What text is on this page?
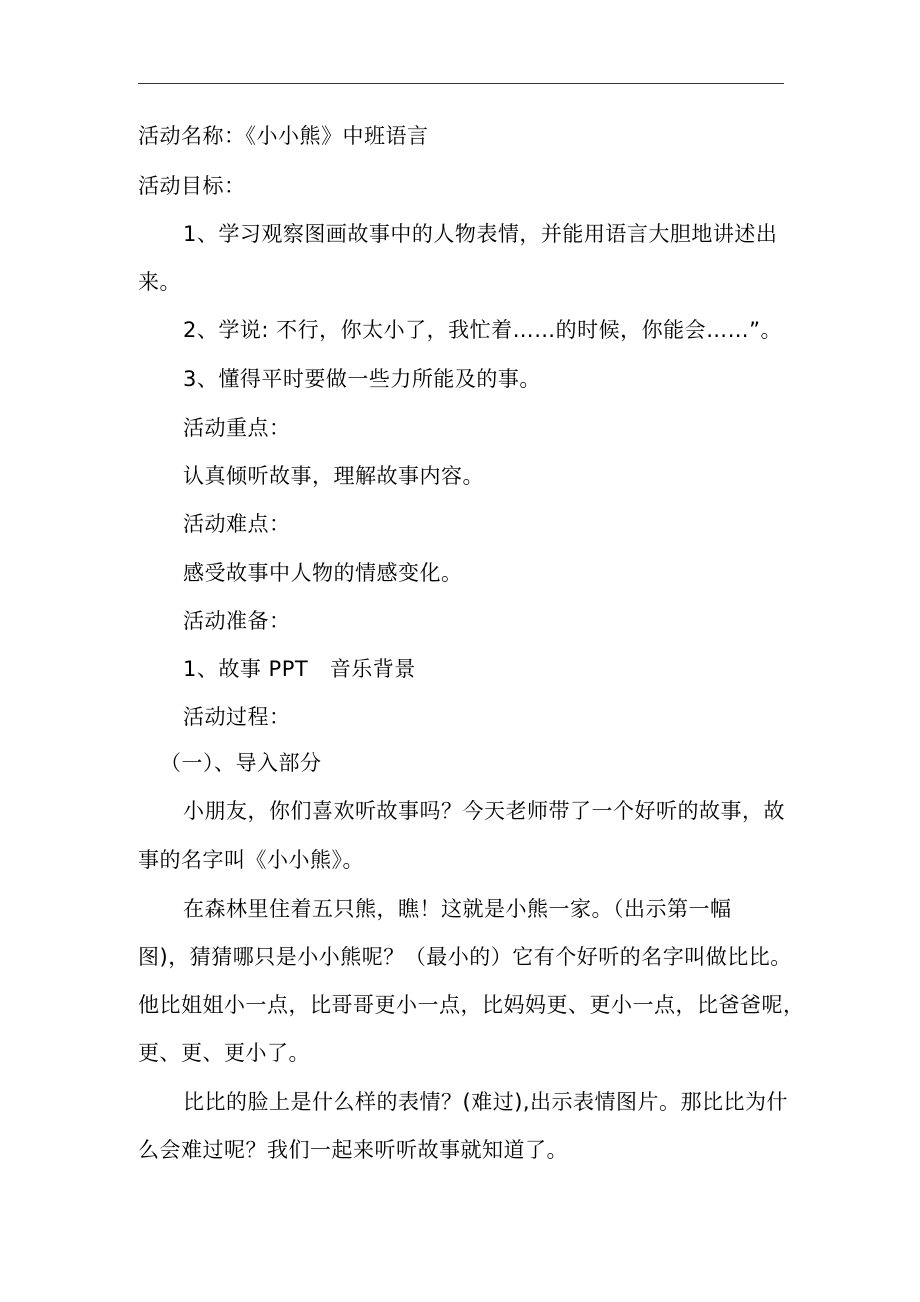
活动名称：《小小熊》中班语言
活动目标：
1、学习观察图画故事中的人物表情，并能用语言大胆地讲述出
来。
2、学说: 不行，你太小了，我忙着……的时候，你能会……”。
3、懂得平时要做一些力所能及的事。
活动重点：
认真倾听故事，理解故事内容。
活动难点：
感受故事中人物的情感变化。
活动准备：
1、故事 PPT　音乐背景
活动过程：
（一）、导入部分
小朋友，你们喜欢听故事吗？今天老师带了一个好听的故事，故
事的名字叫《小小熊》。
在森林里住着五只熊，瞧！这就是小熊一家。（出示第一幅
图)，猜猜哪只是小小熊呢？（最小的）它有个好听的名字叫做比比。
他比姐姐小一点，比哥哥更小一点，比妈妈更、更小一点，比爸爸呢，
更、更、更小了。
比比的脸上是什么样的表情？(难过),出示表情图片。那比比为什
么会难过呢？我们一起来听听故事就知道了。
